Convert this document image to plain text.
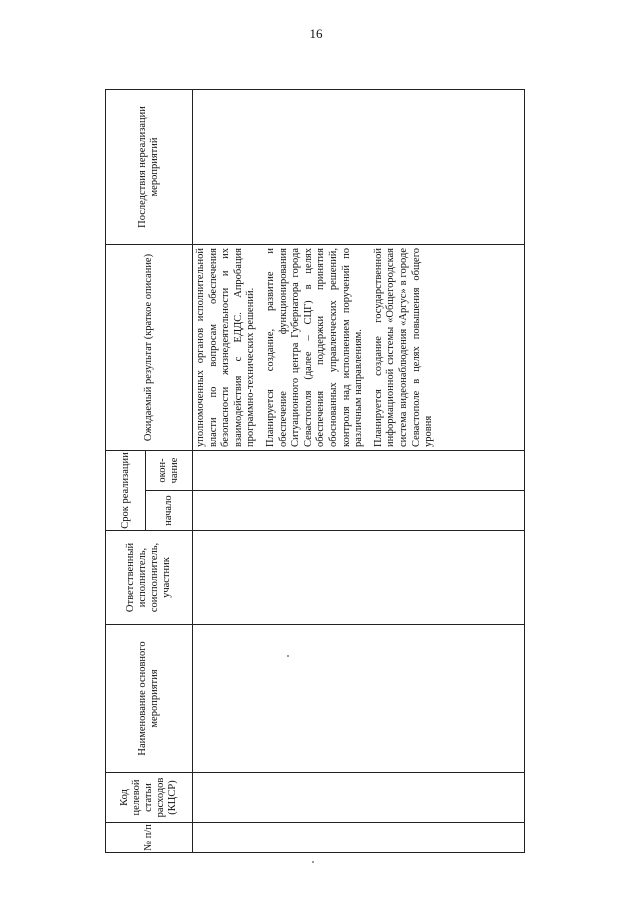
16
№ п/п	Код целевой статьи расходов (КЦСР)	Наименование основного мероприятия	Ответственный исполнитель, соисполнитель, участник	Срок реализации		Ожидаемый результат (краткое описание)	Последствия нереализации мероприятий
				начало	окон-чание		

						уполномоченных органов исполнительной власти по вопросам обеспечения безопасности жизнедеятельности и их взаимодействия с ЕДДС. Апробация программно-технических решений. Планируется создание, развитие и обеспечение функционирования Ситуационного центра Губернатора города Севастополя (далее – СЦГ) в целях обеспечения поддержки принятия обоснованных управленческих решений, контроля над исполнением поручений по различным направлениям. Планируется создание государственной информационной системы «Общегородская система видеонаблюдения «Аргус» в городе Севастополе в целях повышения общего уровня	
